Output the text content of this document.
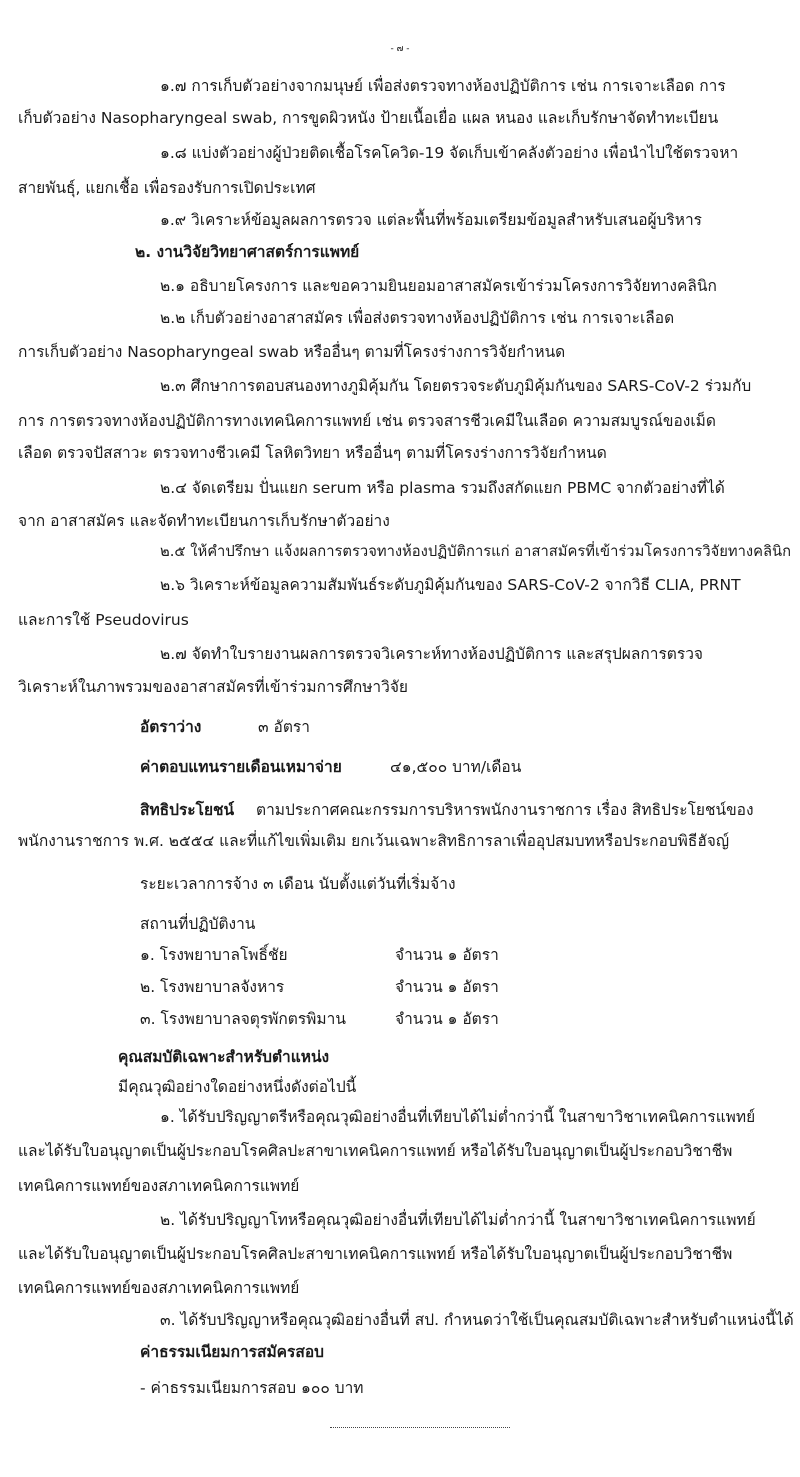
- ๗ -
๑.๗ การเก็บตัวอย่างจากมนุษย์ เพื่อส่งตรวจทางห้องปฏิบัติการ เช่น การเจาะเลือด การ
เก็บตัวอย่าง Nasopharyngeal swab, การขูดผิวหนัง ป้ายเนื้อเยื่อ แผล หนอง และเก็บรักษาจัดทำทะเบียน
๑.๘ แบ่งตัวอย่างผู้ป่วยติดเชื้อโรคโควิด-19 จัดเก็บเข้าคลังตัวอย่าง เพื่อนำไปใช้ตรวจหา
สายพันธุ์, แยกเชื้อ เพื่อรองรับการเปิดประเทศ
๑.๙ วิเคราะห์ข้อมูลผลการตรวจ แต่ละพื้นที่พร้อมเตรียมข้อมูลสำหรับเสนอผู้บริหาร
๒. งานวิจัยวิทยาศาสตร์การแพทย์
๒.๑ อธิบายโครงการ และขอความยินยอมอาสาสมัครเข้าร่วมโครงการวิจัยทางคลินิก
๒.๒ เก็บตัวอย่างอาสาสมัคร เพื่อส่งตรวจทางห้องปฏิบัติการ เช่น การเจาะเลือด
การเก็บตัวอย่าง Nasopharyngeal swab หรืออื่นๆ ตามที่โครงร่างการวิจัยกำหนด
๒.๓ ศึกษาการตอบสนองทางภูมิคุ้มกัน โดยตรวจระดับภูมิคุ้มกันของ SARS-CoV-2 ร่วมกับ
การ การตรวจทางห้องปฏิบัติการทางเทคนิคการแพทย์ เช่น ตรวจสารชีวเคมีในเลือด ความสมบูรณ์ของเม็ด
เลือด ตรวจปัสสาวะ ตรวจทางชีวเคมี โลหิตวิทยา หรืออื่นๆ ตามที่โครงร่างการวิจัยกำหนด
๒.๔ จัดเตรียม ปั่นแยก serum หรือ plasma รวมถึงสกัดแยก PBMC จากตัวอย่างที่ได้
จาก อาสาสมัคร และจัดทำทะเบียนการเก็บรักษาตัวอย่าง
๒.๕ ให้คำปรึกษา แจ้งผลการตรวจทางห้องปฏิบัติการแก่ อาสาสมัครที่เข้าร่วมโครงการวิจัยทางคลินิก
๒.๖ วิเคราะห์ข้อมูลความสัมพันธ์ระดับภูมิคุ้มกันของ SARS-CoV-2 จากวิธี CLIA, PRNT
และการใช้ Pseudovirus
๒.๗ จัดทำใบรายงานผลการตรวจวิเคราะห์ทางห้องปฏิบัติการ และสรุปผลการตรวจ
วิเคราะห์ในภาพรวมของอาสาสมัครที่เข้าร่วมการศึกษาวิจัย
อัตราว่าง	๓ อัตรา
ค่าตอบแทนรายเดือนเหมาจ่าย	๔๑,๕๐๐ บาท/เดือน
สิทธิประโยชน์ ตามประกาศคณะกรรมการบริหารพนักงานราชการ เรื่อง สิทธิประโยชน์ของ
พนักงานราชการ พ.ศ. ๒๕๕๔ และที่แก้ไขเพิ่มเติม ยกเว้นเฉพาะสิทธิการลาเพื่ออุปสมบทหรือประกอบพิธีฮัจญ์
ระยะเวลาการจ้าง ๓ เดือน นับตั้งแต่วันที่เริ่มจ้าง
สถานที่ปฏิบัติงาน
๑. โรงพยาบาลโพธิ์ชัย	จำนวน ๑ อัตรา
๒. โรงพยาบาลจังหาร	จำนวน ๑ อัตรา
๓. โรงพยาบาลจตุรพักตรพิมาน	จำนวน ๑ อัตรา
คุณสมบัติเฉพาะสำหรับตำแหน่ง
มีคุณวุฒิอย่างใดอย่างหนึ่งดังต่อไปนี้
๑. ได้รับปริญญาตรีหรือคุณวุฒิอย่างอื่นที่เทียบได้ไม่ต่ำกว่านี้ ในสาขาวิชาเทคนิคการแพทย์
และได้รับใบอนุญาตเป็นผู้ประกอบโรคศิลปะสาขาเทคนิคการแพทย์ หรือได้รับใบอนุญาตเป็นผู้ประกอบวิชาชีพ
เทคนิคการแพทย์ของสภาเทคนิคการแพทย์
๒. ได้รับปริญญาโทหรือคุณวุฒิอย่างอื่นที่เทียบได้ไม่ต่ำกว่านี้ ในสาขาวิชาเทคนิคการแพทย์
และได้รับใบอนุญาตเป็นผู้ประกอบโรคศิลปะสาขาเทคนิคการแพทย์ หรือได้รับใบอนุญาตเป็นผู้ประกอบวิชาชีพ
เทคนิคการแพทย์ของสภาเทคนิคการแพทย์
๓. ได้รับปริญญาหรือคุณวุฒิอย่างอื่นที่ สป. กำหนดว่าใช้เป็นคุณสมบัติเฉพาะสำหรับตำแหน่งนี้ได้
ค่าธรรมเนียมการสมัครสอบ
- ค่าธรรมเนียมการสอบ ๑๐๐ บาท
